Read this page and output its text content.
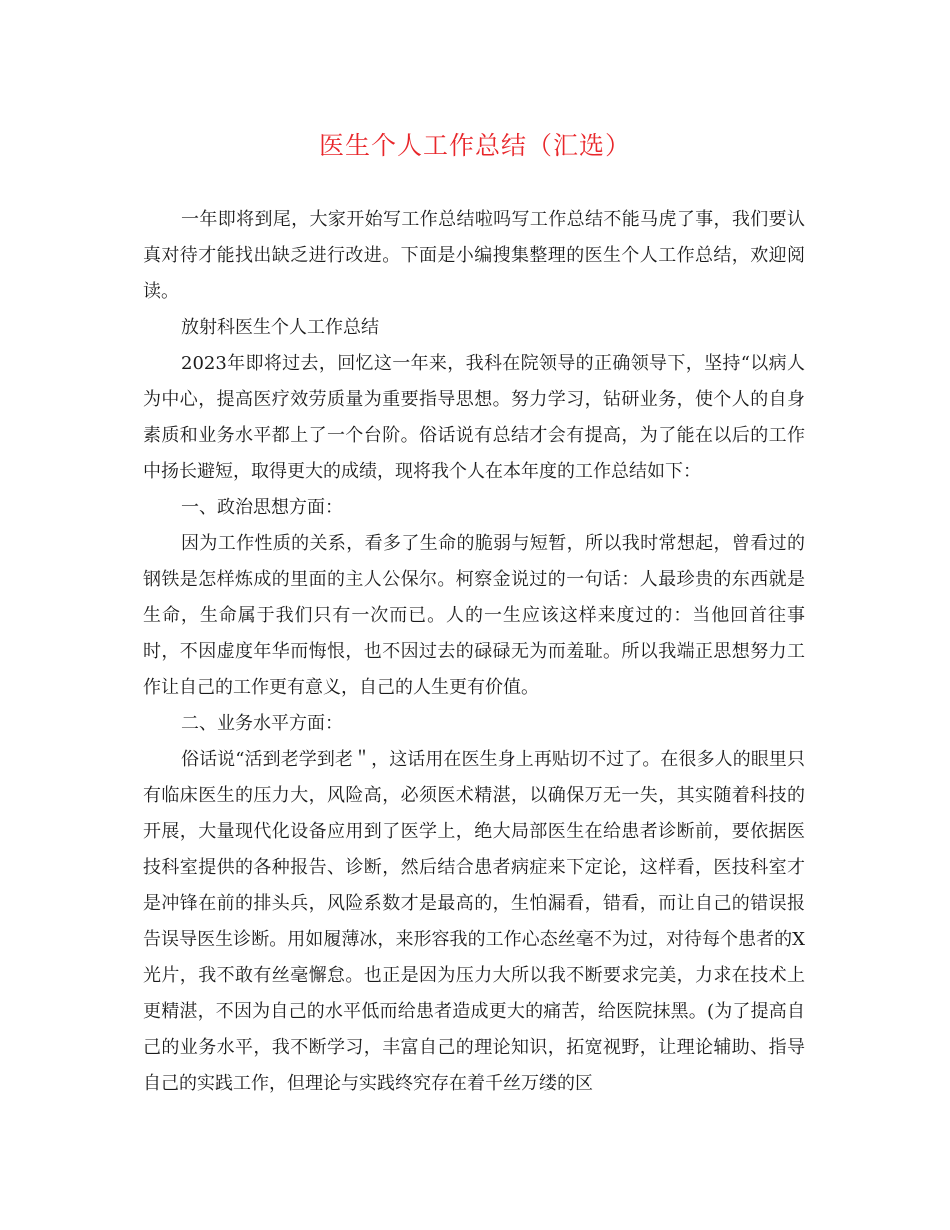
医生个人工作总结（汇选）

一年即将到尾，大家开始写工作总结啦吗写工作总结不能马虎了事，我们要认真对待才能找出缺乏进行改进。下面是小编搜集整理的医生个人工作总结，欢迎阅读。

放射科医生个人工作总结

2023年即将过去，回忆这一年来，我科在院领导的正确领导下，坚持“以病人为中心，提高医疗效劳质量为重要指导思想。努力学习，钻研业务，使个人的自身素质和业务水平都上了一个台阶。俗话说有总结才会有提高，为了能在以后的工作中扬长避短，取得更大的成绩，现将我个人在本年度的工作总结如下：

一、政治思想方面：

因为工作性质的关系，看多了生命的脆弱与短暂，所以我时常想起，曾看过的钢铁是怎样炼成的里面的主人公保尔。柯察金说过的一句话：人最珍贵的东西就是生命，生命属于我们只有一次而已。人的一生应该这样来度过的：当他回首往事时，不因虚度年华而悔恨，也不因过去的碌碌无为而羞耻。所以我端正思想努力工作让自己的工作更有意义，自己的人生更有价值。

二、业务水平方面：

俗话说“活到老学到老＂，这话用在医生身上再贴切不过了。在很多人的眼里只有临床医生的压力大，风险高，必须医术精湛，以确保万无一失，其实随着科技的开展，大量现代化设备应用到了医学上，绝大局部医生在给患者诊断前，要依据医技科室提供的各种报告、诊断，然后结合患者病症来下定论，这样看，医技科室才是冲锋在前的排头兵，风险系数才是最高的，生怕漏看，错看，而让自己的错误报告误导医生诊断。用如履薄冰，来形容我的工作心态丝毫不为过，对待每个患者的X光片，我不敢有丝毫懈怠。也正是因为压力大所以我不断要求完美，力求在技术上更精湛，不因为自己的水平低而给患者造成更大的痛苦，给医院抹黑。(为了提高自己的业务水平，我不断学习，丰富自己的理论知识，拓宽视野，让理论辅助、指导自己的实践工作，但理论与实践终究存在着千丝万缕的区
